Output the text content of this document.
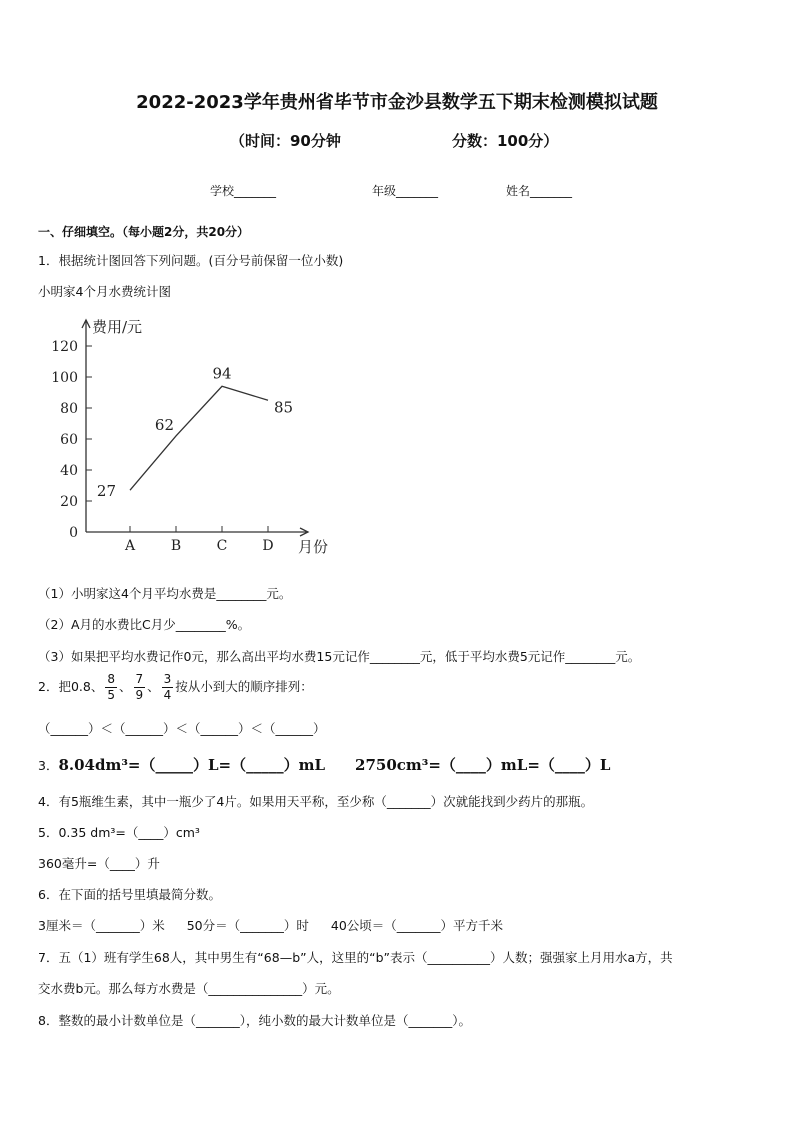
2022-2023学年贵州省毕节市金沙县数学五下期末检测模拟试题
（时间：90分钟	分数：100分）
学校_______	年级_______	姓名_______
一、仔细填空。（每小题2分，共20分）
1．根据统计图回答下列问题。(百分号前保留一位小数)
小明家4个月水费统计图
费用/元
月份
0
20
40
60
80
100
120
A	B	C	D
27
62
94
85
（1）小明家这4个月平均水费是________元。
（2）A月的水费比C月少________%。
（3）如果把平均水费记作0元，那么高出平均水费15元记作________元，低于平均水费5元记作________元。
2．把0.8、 $\frac{8}{5}$ 、 $\frac{7}{9}$ 、 $\frac{3}{4}$ 按从小到大的顺序排列：
（______）＜（______）＜（______）＜（______）
3．8.04dm³=（_____）L=（_____）mL 2750cm³=（____）mL=（____）L
4．有5瓶维生素，其中一瓶少了4片。如果用天平称，至少称（_______）次就能找到少药片的那瓶。
5．0.35 dm³=（____）cm³
360毫升=（____）升
6．在下面的括号里填最简分数。
3厘米＝（_______）米 50分＝（_______）时 40公顷＝（_______）平方千米
7．五（1）班有学生68人，其中男生有“68—b”人，这里的“b”表示（__________）人数；强强家上月用水a方，共
交水费b元。那么每方水费是（_______________）元。
8．整数的最小计数单位是（_______），纯小数的最大计数单位是（_______）。
